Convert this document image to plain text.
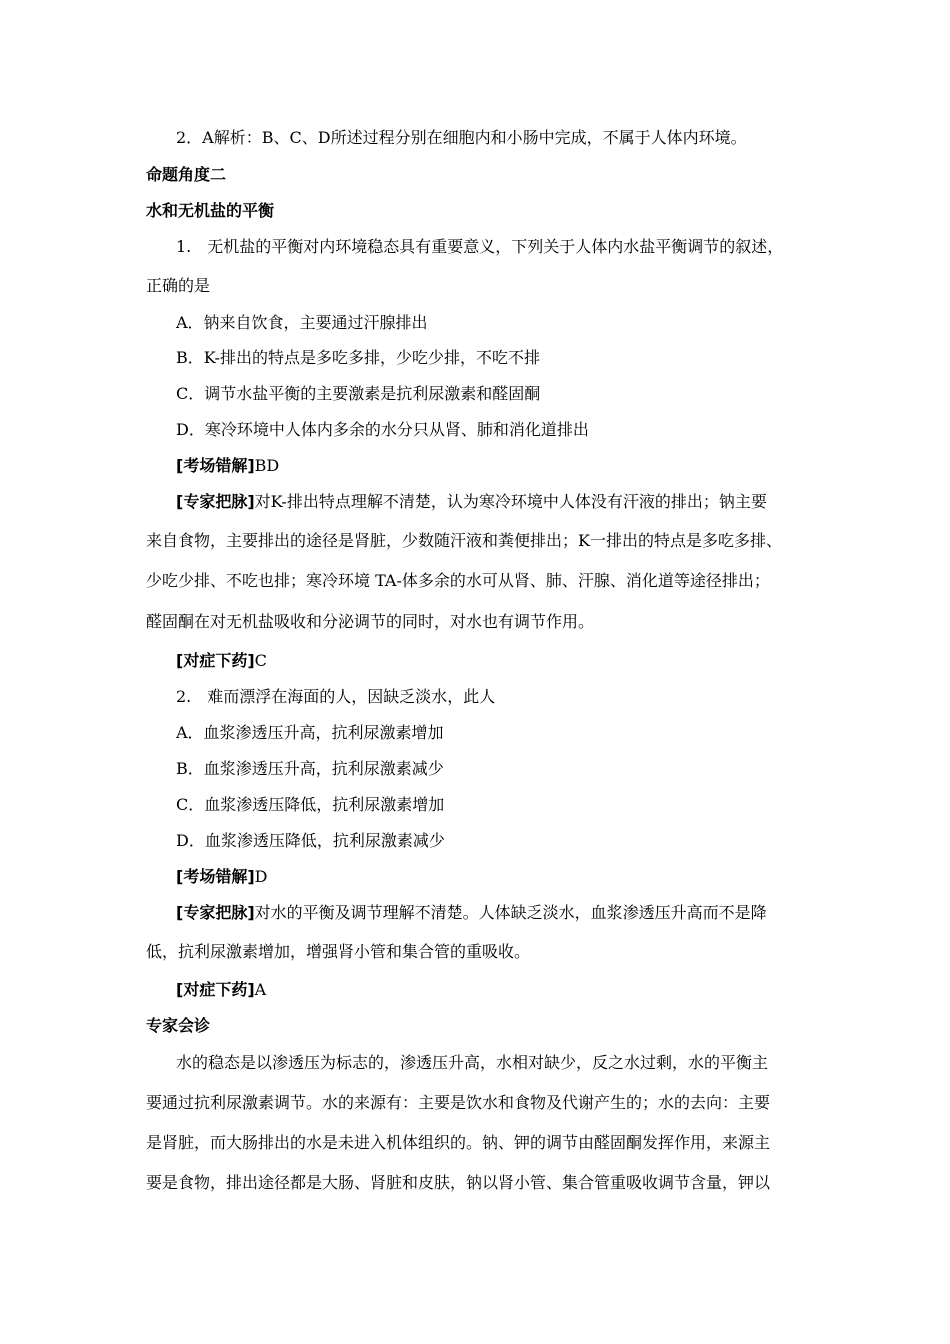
2．A解析：B、C、D所述过程分别在细胞内和小肠中完成，不属于人体内环境。
命题角度二
水和无机盐的平衡
1.　无机盐的平衡对内环境稳态具有重要意义，下列关于人体内水盐平衡调节的叙述，
正确的是
A．钠来自饮食，主要通过汗腺排出
B．K-排出的特点是多吃多排，少吃少排，不吃不排
C．调节水盐平衡的主要激素是抗利尿激素和醛固酮
D．寒冷环境中人体内多余的水分只从肾、肺和消化道排出
[考场错解]BD
[专家把脉]对K-排出特点理解不清楚，认为寒冷环境中人体没有汗液的排出；钠主要
来自食物，主要排出的途径是肾脏，少数随汗液和粪便排出；K一排出的特点是多吃多排、
少吃少排、不吃也排；寒冷环境 TA-体多余的水可从肾、肺、汗腺、消化道等途径排出；
醛固酮在对无机盐吸收和分泌调节的同时，对水也有调节作用。
[对症下药]C
2.　难而漂浮在海面的人，因缺乏淡水，此人
A．血浆渗透压升高，抗利尿激素增加
B．血浆渗透压升高，抗利尿激素减少
C．血浆渗透压降低，抗利尿激素增加
D．血浆渗透压降低，抗利尿激素减少
[考场错解]D
[专家把脉]对水的平衡及调节理解不清楚。人体缺乏淡水，血浆渗透压升高而不是降
低，抗利尿激素增加，增强肾小管和集合管的重吸收。
[对症下药]A
专家会诊
水的稳态是以渗透压为标志的，渗透压升高，水相对缺少，反之水过剩，水的平衡主
要通过抗利尿激素调节。水的来源有：主要是饮水和食物及代谢产生的；水的去向：主要
是肾脏，而大肠排出的水是未进入机体组织的。钠、钾的调节由醛固酮发挥作用，来源主
要是食物，排出途径都是大肠、肾脏和皮肤，钠以肾小管、集合管重吸收调节含量，钾以
